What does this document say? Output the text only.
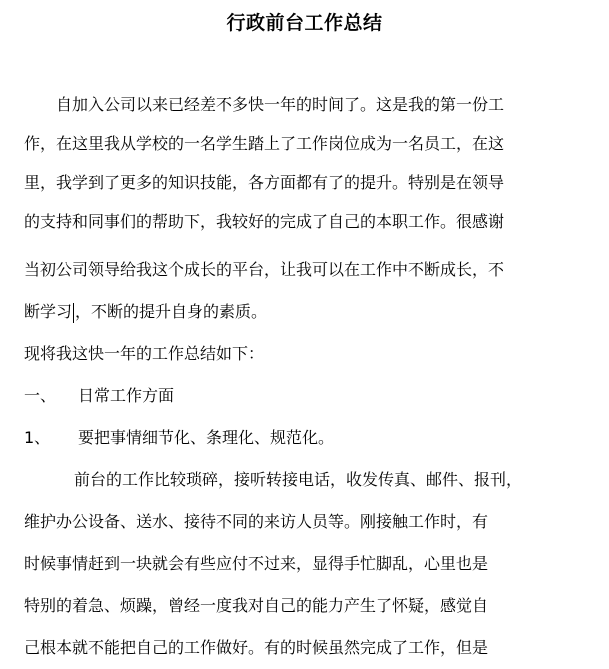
行政前台工作总结
自加入公司以来已经差不多快一年的时间了。这是我的第一份工
作，在这里我从学校的一名学生踏上了工作岗位成为一名员工，在这
里，我学到了更多的知识技能，各方面都有了的提升。特别是在领导
的支持和同事们的帮助下，我较好的完成了自己的本职工作。很感谢
当初公司领导给我这个成长的平台，让我可以在工作中不断成长，不
断学习 ，不断的提升自身的素质。
现将我这快一年的工作总结如下：
一、 日常工作方面
1、 要把事情细节化、条理化、规范化。
前台的工作比较琐碎，接听转接电话，收发传真、邮件、报刊，
维护办公设备、送水、接待不同的来访人员等。刚接触工作时，有
时候事情赶到一块就会有些应付不过来，显得手忙脚乱，心里也是
特别的着急、烦躁，曾经一度我对自己的能力产生了怀疑，感觉自
己根本就不能把自己的工作做好。有的时候虽然完成了工作，但是
